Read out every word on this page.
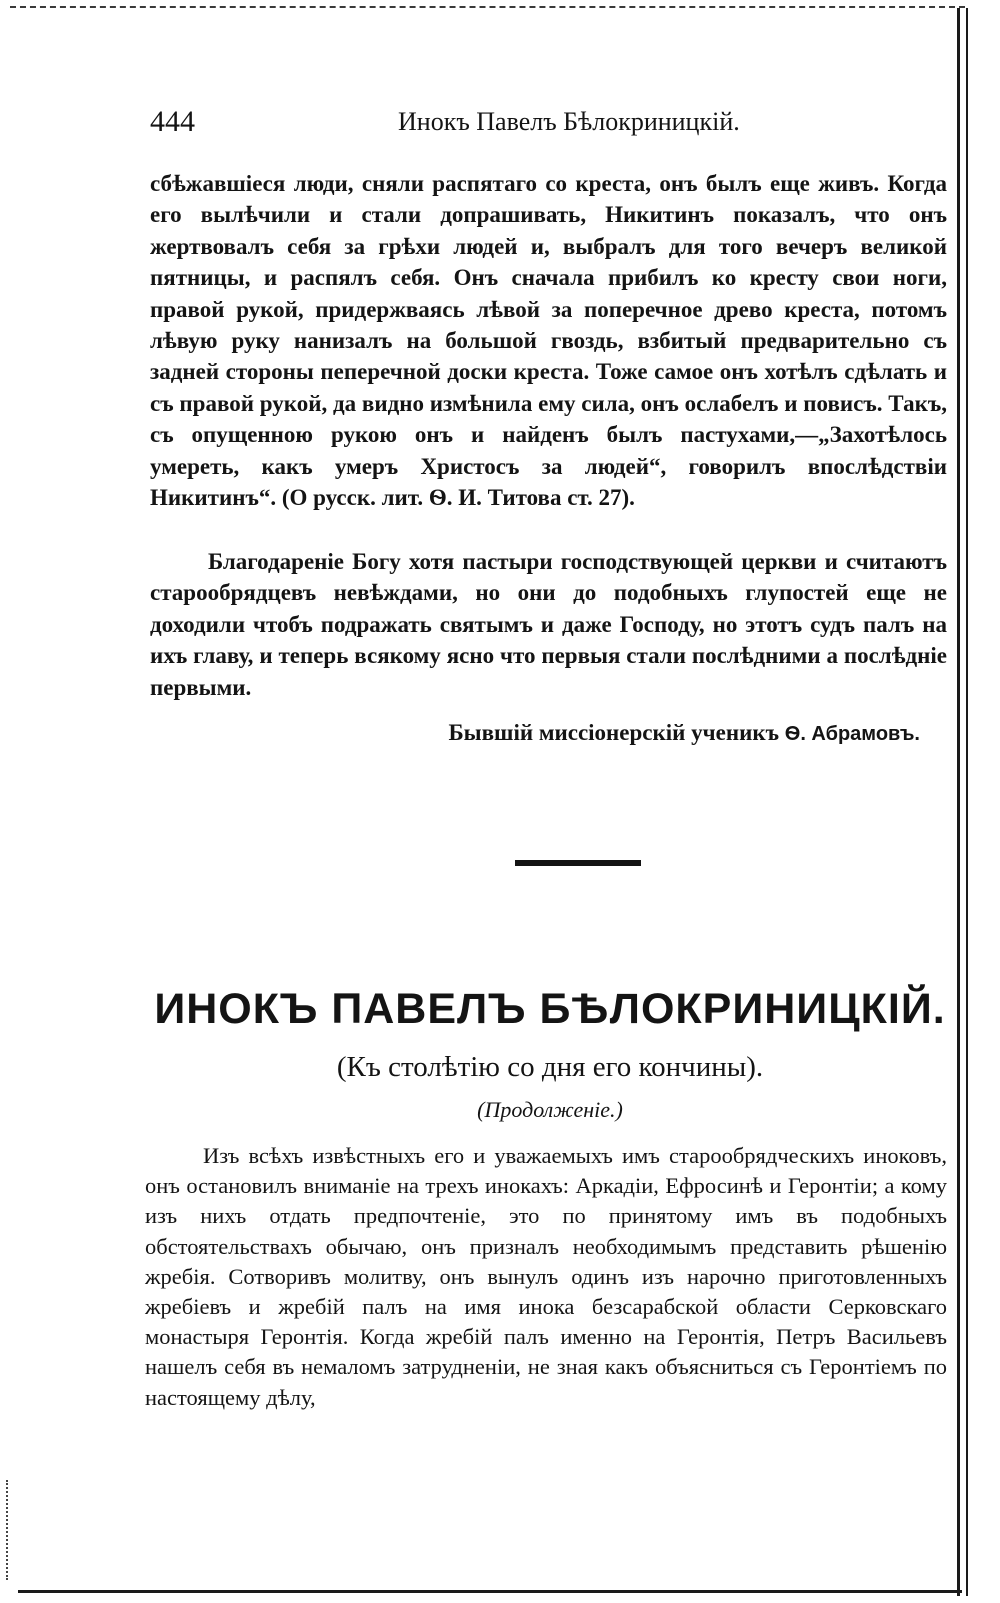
444	Инокъ Павелъ Бѣлокриницкій.

сбѣжавшіеся люди, сняли распятаго со креста, онъ былъ еще живъ. Когда его вылѣчили и стали допрашивать, Никитинъ показалъ, что онъ жертвовалъ себя за грѣхи людей и, выбралъ для того вечеръ великой пятницы, и распялъ себя. Онъ сначала прибилъ ко кресту свои ноги, правой рукой, придержваясь лѣвой за поперечное древо креста, потомъ лѣвую руку нанизалъ на большой гвоздь, взбитый предварительно съ задней стороны пеперечной доски креста. Тоже самое онъ хотѣлъ сдѣлать и съ правой рукой, да видно измѣнила ему сила, онъ ослабелъ и повисъ. Такъ, съ опущенною рукою онъ и найденъ былъ пастухами,—„Захотѣлось умереть, какъ умеръ Христосъ за людей“, говорилъ впослѣдствіи Никитинъ“. (О русск. лит. Ѳ. И. Титова ст. 27).

Благодареніе Богу хотя пастыри господствующей церкви и считаютъ старообрядцевъ невѣждами, но они до подобныхъ глупостей еще не доходили чтобъ подражать святымъ и даже Господу, но этотъ судъ палъ на ихъ главу, и теперь всякому ясно что первыя стали послѣдними а послѣдніе первыми.

Бывшій миссіонерскій ученикъ Ѳ. Абрамовъ.
ИНОКЪ ПАВЕЛЪ БѢЛОКРИНИЦКІЙ.
(Къ столѣтію со дня его кончины).
(Продолженіе.)

Изъ всѣхъ извѣстныхъ его и уважаемыхъ имъ старообрядческихъ иноковъ, онъ остановилъ вниманіе на трехъ инокахъ: Аркадіи, Ефросинѣ и Геронтіи; а кому изъ нихъ отдать предпочтеніе, это по принятому имъ въ подобныхъ обстоятельствахъ обычаю, онъ призналъ необходимымъ представить рѣшенію жребія. Сотворивъ молитву, онъ вынулъ одинъ изъ нарочно приготовленныхъ жребіевъ и жребій палъ на имя инока безсарабской области Серковскаго монастыря Геронтія. Когда жребій палъ именно на Геронтія, Петръ Васильевъ нашелъ себя въ немаломъ затрудненіи, не зная какъ объясниться съ Геронтіемъ по настоящему дѣлу,
